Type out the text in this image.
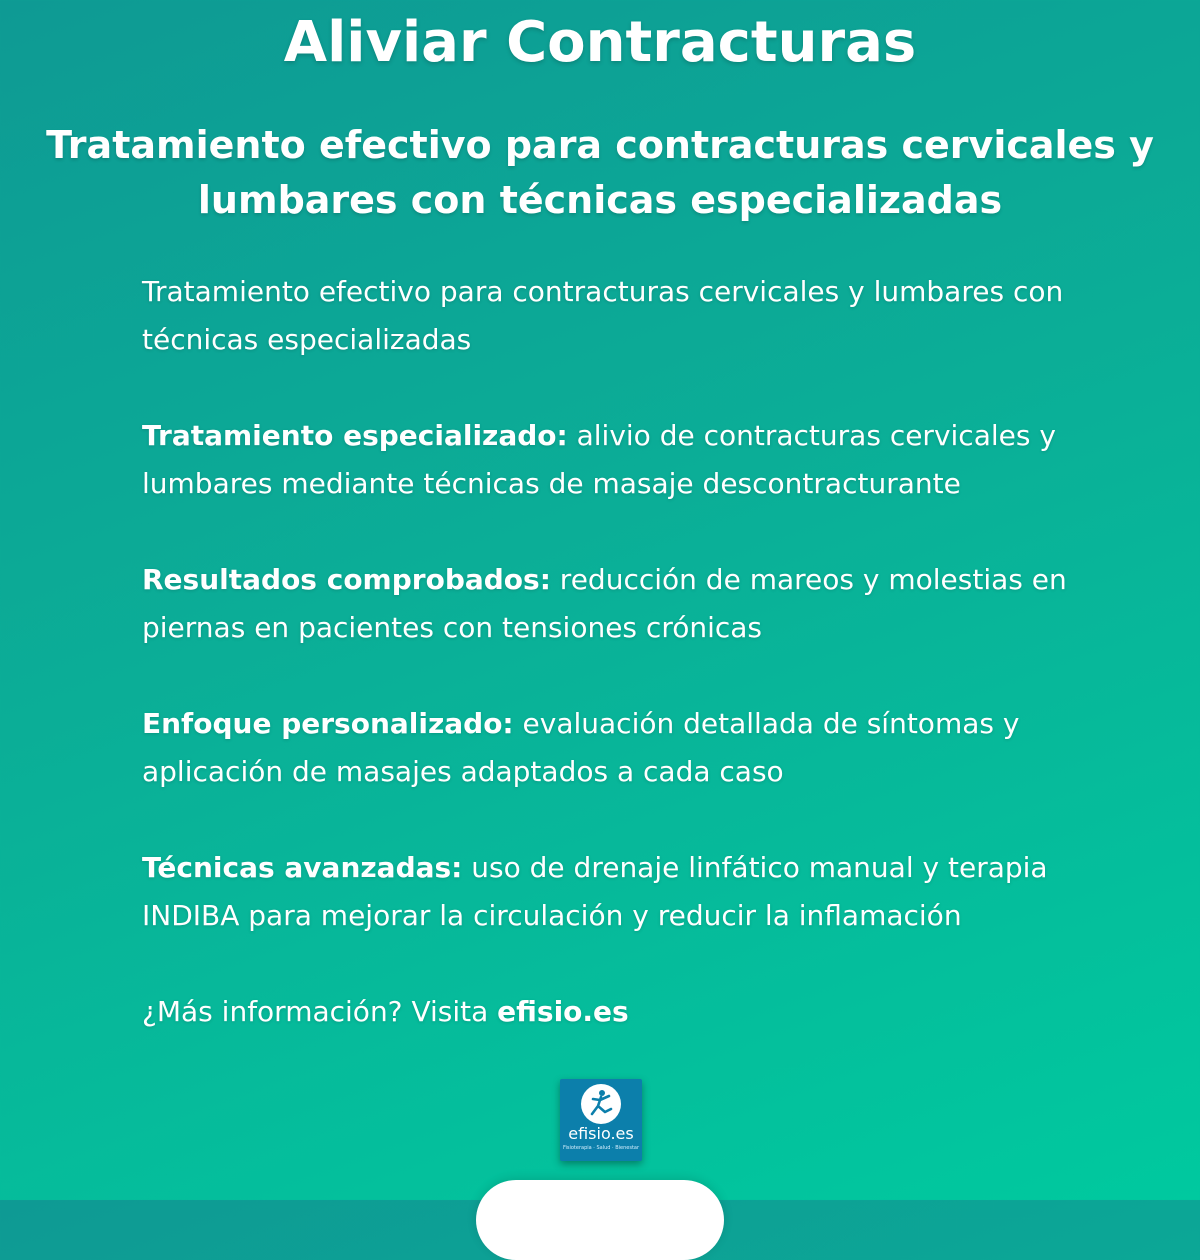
Aliviar Contracturas
Tratamiento efectivo para contracturas cervicales y lumbares con técnicas especializadas

Tratamiento efectivo para contracturas cervicales y lumbares con técnicas especializadas

Tratamiento especializado: alivio de contracturas cervicales y lumbares mediante técnicas de masaje descontracturante

Resultados comprobados: reducción de mareos y molestias en piernas en pacientes con tensiones crónicas

Enfoque personalizado: evaluación detallada de síntomas y aplicación de masajes adaptados a cada caso

Técnicas avanzadas: uso de drenaje linfático manual y terapia INDIBA para mejorar la circulación y reducir la inflamación

¿Más información? Visita efisio.es

efisio.es
Fisioterapia · Salud · Bienestar
